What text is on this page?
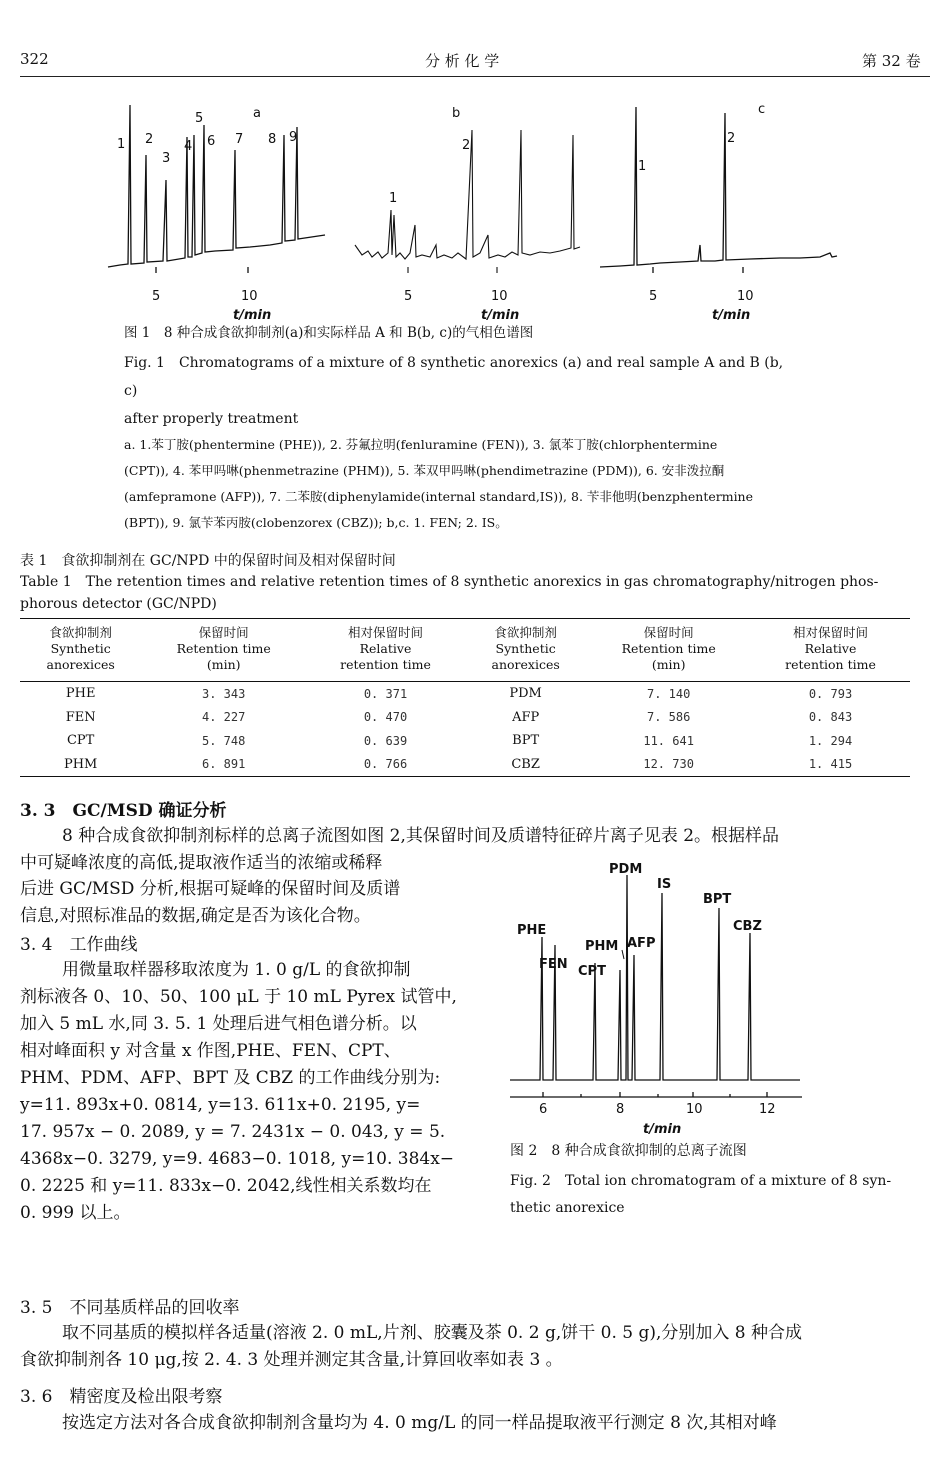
322	分 析 化 学	第 32 卷
1 2
3
4
5
6 7 8 9
a
5	10
1
2
b
5	10
1
2
c
5	10
t/min	t/min	t/min
图 1　8 种合成食欲抑制剂(a)和实际样品 A 和 B(b, c)的气相色谱图
Fig. 1　Chromatograms of a mixture of 8 synthetic anorexics (a) and real sample A and B (b,
c)
after properly treatment
a. 1.苯丁胺(phentermine (PHE)), 2. 芬氟拉明(fenluramine (FEN)), 3. 氯苯丁胺(chlorphentermine
(CPT)), 4. 苯甲吗啉(phenmetrazine (PHM)), 5. 苯双甲吗啉(phendimetrazine (PDM)), 6. 安非泼拉酮
(amfepramone (AFP)), 7. 二苯胺(diphenylamide(internal standard,IS)), 8. 苄非他明(benzphentermine
(BPT)), 9. 氯苄苯丙胺(clobenzorex (CBZ)); b,c. 1. FEN; 2. IS。
表 1　食欲抑制剂在 GC/NPD 中的保留时间及相对保留时间
Table 1　The retention times and relative retention times of 8 synthetic anorexics in gas chromatography/nitrogen phos-
phorous detector (GC/NPD)
食欲抑制剂
Synthetic
anorexices	保留时间
Retention time
(min)	相对保留时间
Relative
retention time	食欲抑制剂
Synthetic
anorexices	保留时间
Retention time
(min)	相对保留时间
Relative
retention time
PHE	3. 343	0. 371	PDM	7. 140	0. 793
FEN	4. 227	0. 470	AFP	7. 586	0. 843
CPT	5. 748	0. 639	BPT	11. 641	1. 294
PHM	6. 891	0. 766	CBZ	12. 730	1. 415
3. 3　GC/MSD 确证分析
8 种合成食欲抑制剂标样的总离子流图如图 2,其保留时间及质谱特征碎片离子见表 2。根据样品
中可疑峰浓度的高低,提取液作适当的浓缩或稀释
后进 GC/MSD 分析,根据可疑峰的保留时间及质谱
信息,对照标准品的数据,确定是否为该化合物。
3. 4　工作曲线
用微量取样器移取浓度为 1. 0 g/L 的食欲抑制
剂标液各 0、10、50、100 μL 于 10 mL Pyrex 试管中,
加入 5 mL 水,同 3. 5. 1 处理后进气相色谱分析。以
相对峰面积 y 对含量 x 作图,PHE、FEN、CPT、
PHM、PDM、AFP、BPT 及 CBZ 的工作曲线分别为:
y=11. 893x+0. 0814, y=13. 611x+0. 2195, y=
17. 957x − 0. 2089, y = 7. 2431x − 0. 043, y = 5.
4368x−0. 3279, y=9. 4683−0. 1018, y=10. 384x−
0. 2225 和 y=11. 833x−0. 2042,线性相关系数均在
0. 999 以上。
PDM
IS
BPT
CBZ
PHE
PHM AFP
FEN CPT
6	8	10	12
t/min
图 2　8 种合成食欲抑制的总离子流图
Fig. 2　Total ion chromatogram of a mixture of 8 syn-
thetic anorexice
3. 5　不同基质样品的回收率
取不同基质的模拟样各适量(溶液 2. 0 mL,片剂、胶囊及茶 0. 2 g,饼干 0. 5 g),分别加入 8 种合成
食欲抑制剂各 10 μg,按 2. 4. 3 处理并测定其含量,计算回收率如表 3 。
3. 6　精密度及检出限考察
按选定方法对各合成食欲抑制剂含量均为 4. 0 mg/L 的同一样品提取液平行测定 8 次,其相对峰
